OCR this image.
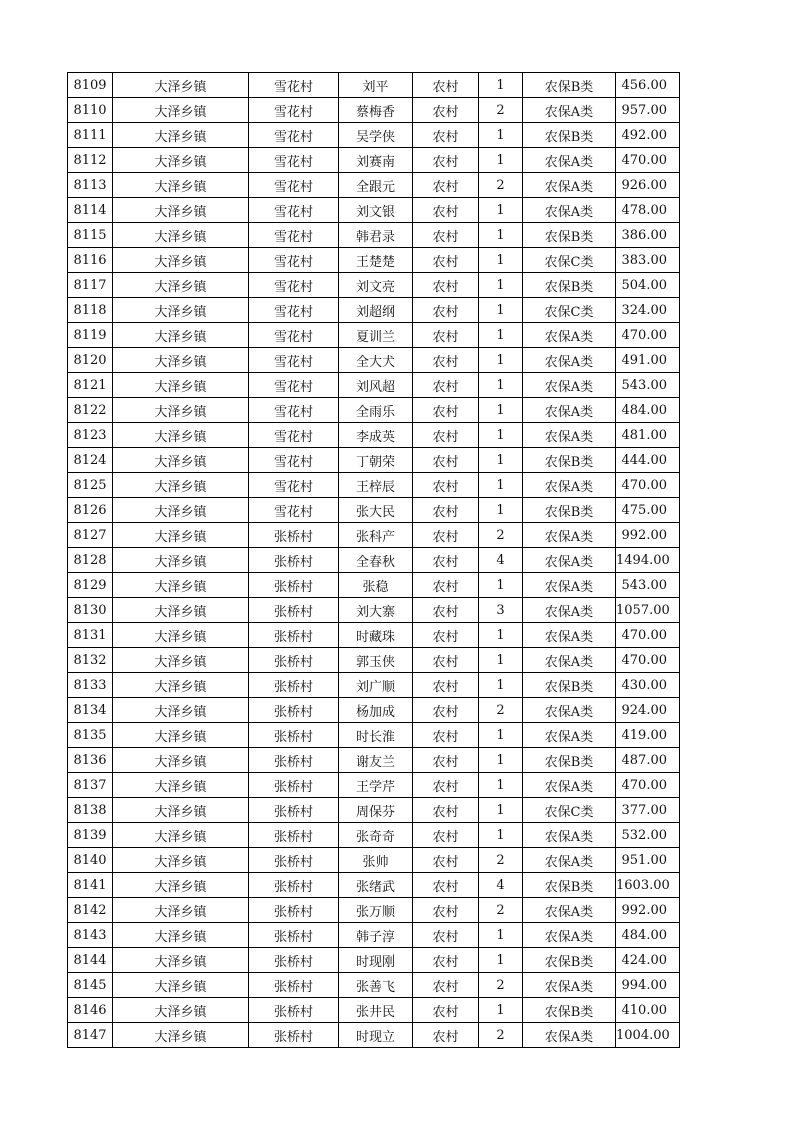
8109	大泽乡镇	雪花村	刘平	农村	1	农保B类	456.00
8110	大泽乡镇	雪花村	蔡梅香	农村	2	农保A类	957.00
8111	大泽乡镇	雪花村	吴学侠	农村	1	农保B类	492.00
8112	大泽乡镇	雪花村	刘赛南	农村	1	农保A类	470.00
8113	大泽乡镇	雪花村	全跟元	农村	2	农保A类	926.00
8114	大泽乡镇	雪花村	刘文银	农村	1	农保A类	478.00
8115	大泽乡镇	雪花村	韩君录	农村	1	农保B类	386.00
8116	大泽乡镇	雪花村	王楚楚	农村	1	农保C类	383.00
8117	大泽乡镇	雪花村	刘文亮	农村	1	农保B类	504.00
8118	大泽乡镇	雪花村	刘超纲	农村	1	农保C类	324.00
8119	大泽乡镇	雪花村	夏训兰	农村	1	农保A类	470.00
8120	大泽乡镇	雪花村	全大犬	农村	1	农保A类	491.00
8121	大泽乡镇	雪花村	刘风超	农村	1	农保A类	543.00
8122	大泽乡镇	雪花村	全雨乐	农村	1	农保A类	484.00
8123	大泽乡镇	雪花村	李成英	农村	1	农保A类	481.00
8124	大泽乡镇	雪花村	丁朝荣	农村	1	农保B类	444.00
8125	大泽乡镇	雪花村	王梓辰	农村	1	农保A类	470.00
8126	大泽乡镇	雪花村	张大民	农村	1	农保B类	475.00
8127	大泽乡镇	张桥村	张科产	农村	2	农保A类	992.00
8128	大泽乡镇	张桥村	全春秋	农村	4	农保A类	1494.00
8129	大泽乡镇	张桥村	张稳	农村	1	农保A类	543.00
8130	大泽乡镇	张桥村	刘大寨	农村	3	农保A类	1057.00
8131	大泽乡镇	张桥村	时藏珠	农村	1	农保A类	470.00
8132	大泽乡镇	张桥村	郭玉侠	农村	1	农保A类	470.00
8133	大泽乡镇	张桥村	刘广顺	农村	1	农保B类	430.00
8134	大泽乡镇	张桥村	杨加成	农村	2	农保A类	924.00
8135	大泽乡镇	张桥村	时长淮	农村	1	农保A类	419.00
8136	大泽乡镇	张桥村	谢友兰	农村	1	农保B类	487.00
8137	大泽乡镇	张桥村	王学芹	农村	1	农保A类	470.00
8138	大泽乡镇	张桥村	周保芬	农村	1	农保C类	377.00
8139	大泽乡镇	张桥村	张奇奇	农村	1	农保A类	532.00
8140	大泽乡镇	张桥村	张帅	农村	2	农保A类	951.00
8141	大泽乡镇	张桥村	张绪武	农村	4	农保B类	1603.00
8142	大泽乡镇	张桥村	张万顺	农村	2	农保A类	992.00
8143	大泽乡镇	张桥村	韩子淳	农村	1	农保A类	484.00
8144	大泽乡镇	张桥村	时现刚	农村	1	农保B类	424.00
8145	大泽乡镇	张桥村	张善飞	农村	2	农保A类	994.00
8146	大泽乡镇	张桥村	张井民	农村	1	农保B类	410.00
8147	大泽乡镇	张桥村	时现立	农村	2	农保A类	1004.00
